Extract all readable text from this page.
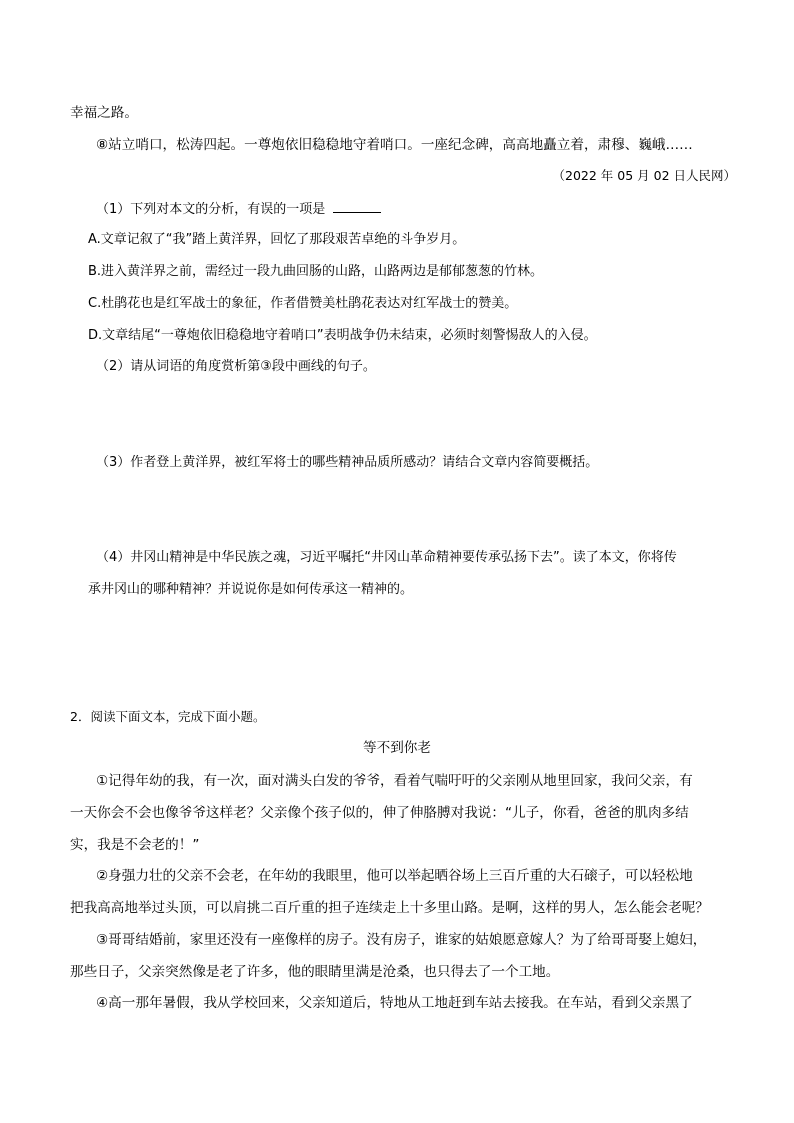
幸福之路。
⑧站立哨口，松涛四起。一尊炮依旧稳稳地守着哨口。一座纪念碑，高高地矗立着，肃穆、巍峨……
（2022 年 05 月 02 日人民网）
（1）下列对本文的分析，有误的一项是
A.文章记叙了“我”踏上黄洋界，回忆了那段艰苦卓绝的斗争岁月。
B.进入黄洋界之前，需经过一段九曲回肠的山路，山路两边是郁郁葱葱的竹林。
C.杜鹃花也是红军战士的象征，作者借赞美杜鹃花表达对红军战士的赞美。
D.文章结尾“一尊炮依旧稳稳地守着哨口”表明战争仍未结束，必须时刻警惕敌人的入侵。
（2）请从词语的角度赏析第③段中画线的句子。
（3）作者登上黄洋界，被红军将士的哪些精神品质所感动？请结合文章内容简要概括。
（4）井冈山精神是中华民族之魂，习近平嘱托“井冈山革命精神要传承弘扬下去”。读了本文，你将传
承井冈山的哪种精神？并说说你是如何传承这一精神的。
2．阅读下面文本，完成下面小题。
等不到你老
①记得年幼的我，有一次，面对满头白发的爷爷，看着气喘吁吁的父亲刚从地里回家，我问父亲，有
一天你会不会也像爷爷这样老？父亲像个孩子似的，伸了伸胳膊对我说：“儿子，你看，爸爸的肌肉多结
实，我是不会老的！”
②身强力壮的父亲不会老，在年幼的我眼里，他可以举起晒谷场上三百斤重的大石磙子，可以轻松地
把我高高地举过头顶，可以肩挑二百斤重的担子连续走上十多里山路。是啊，这样的男人，怎么能会老呢？
③哥哥结婚前，家里还没有一座像样的房子。没有房子，谁家的姑娘愿意嫁人？为了给哥哥娶上媳妇，
那些日子，父亲突然像是老了许多，他的眼睛里满是沧桑，也只得去了一个工地。
④高一那年暑假，我从学校回来，父亲知道后，特地从工地赶到车站去接我。在车站，看到父亲黑了
